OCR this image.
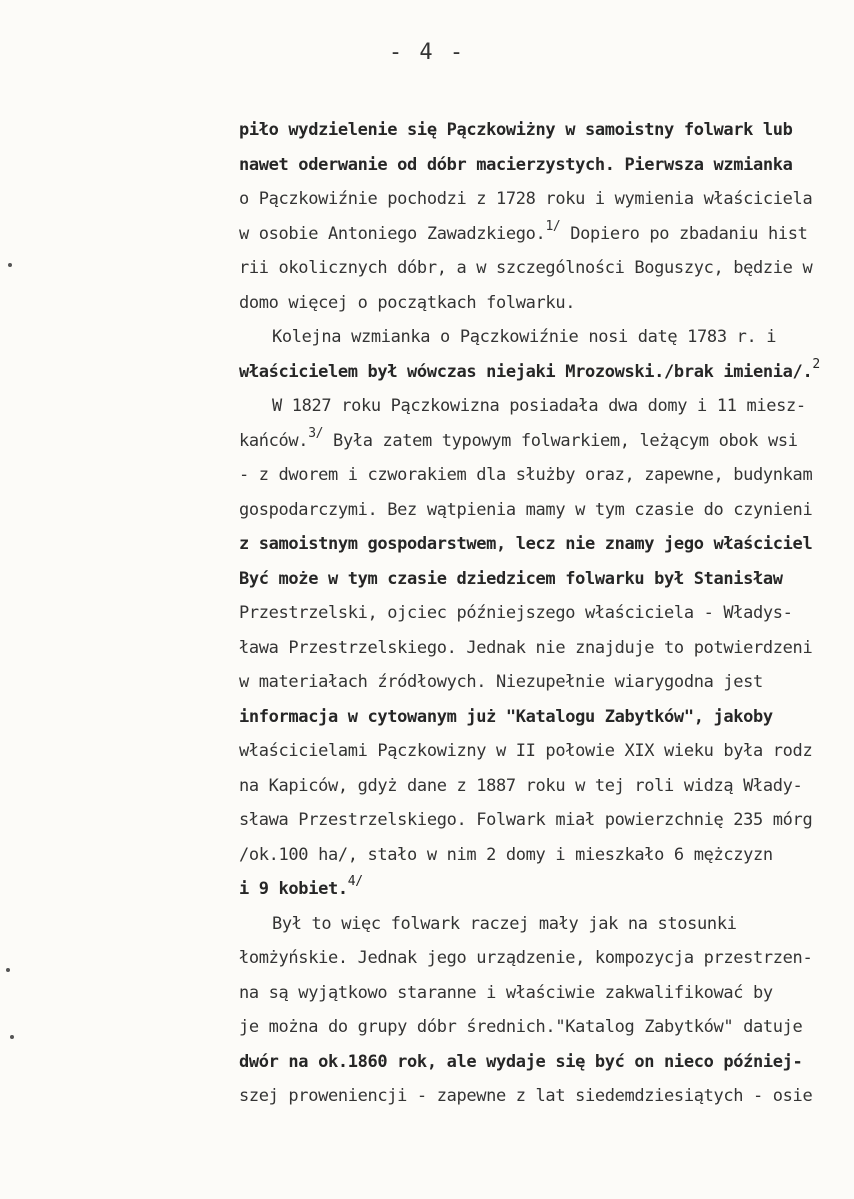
- 4 -
piło wydzielenie się Pączkowiżny w samoistny folwark lub
nawet oderwanie od dóbr macierzystych. Pierwsza wzmianka
o Pączkowiźnie pochodzi z 1728 roku i wymienia właściciela
w osobie Antoniego Zawadzkiego.$^{1/}$ Dopiero po zbadaniu hist
rii okolicznych dóbr, a w szczególności Boguszyc, będzie w
domo więcej o początkach folwarku.
Kolejna wzmianka o Pączkowiźnie nosi datę 1783 r. i
właścicielem był wówczas niejaki Mrozowski./brak imienia/.$^2$
W 1827 roku Pączkowizna posiadała dwa domy i 11 miesz-
kańców.$^{3/}$ Była zatem typowym folwarkiem, leżącym obok wsi
- z dworem i czworakiem dla służby oraz, zapewne, budynkam
gospodarczymi. Bez wątpienia mamy w tym czasie do czynieni
z samoistnym gospodarstwem, lecz nie znamy jego właściciel
Być może w tym czasie dziedzicem folwarku był Stanisław
Przestrzelski, ojciec późniejszego właściciela - Władys-
ława Przestrzelskiego. Jednak nie znajduje to potwierdzeni
w materiałach źródłowych. Niezupełnie wiarygodna jest
informacja w cytowanym już "Katalogu Zabytków", jakoby
właścicielami Pączkowizny w II połowie XIX wieku była rodz
na Kapiców, gdyż dane z 1887 roku w tej roli widzą Włady-
sława Przestrzelskiego. Folwark miał powierzchnię 235 mórg
/ok.100 ha/, stało w nim 2 domy i mieszkało 6 mężczyzn
i 9 kobiet.$^{4/}$
Był to więc folwark raczej mały jak na stosunki
łomżyńskie. Jednak jego urządzenie, kompozycja przestrzen-
na są wyjątkowo staranne i właściwie zakwalifikować by
je można do grupy dóbr średnich."Katalog Zabytków" datuje
dwór na ok.1860 rok, ale wydaje się być on nieco później-
szej proweniencji - zapewne z lat siedemdziesiątych - osie
